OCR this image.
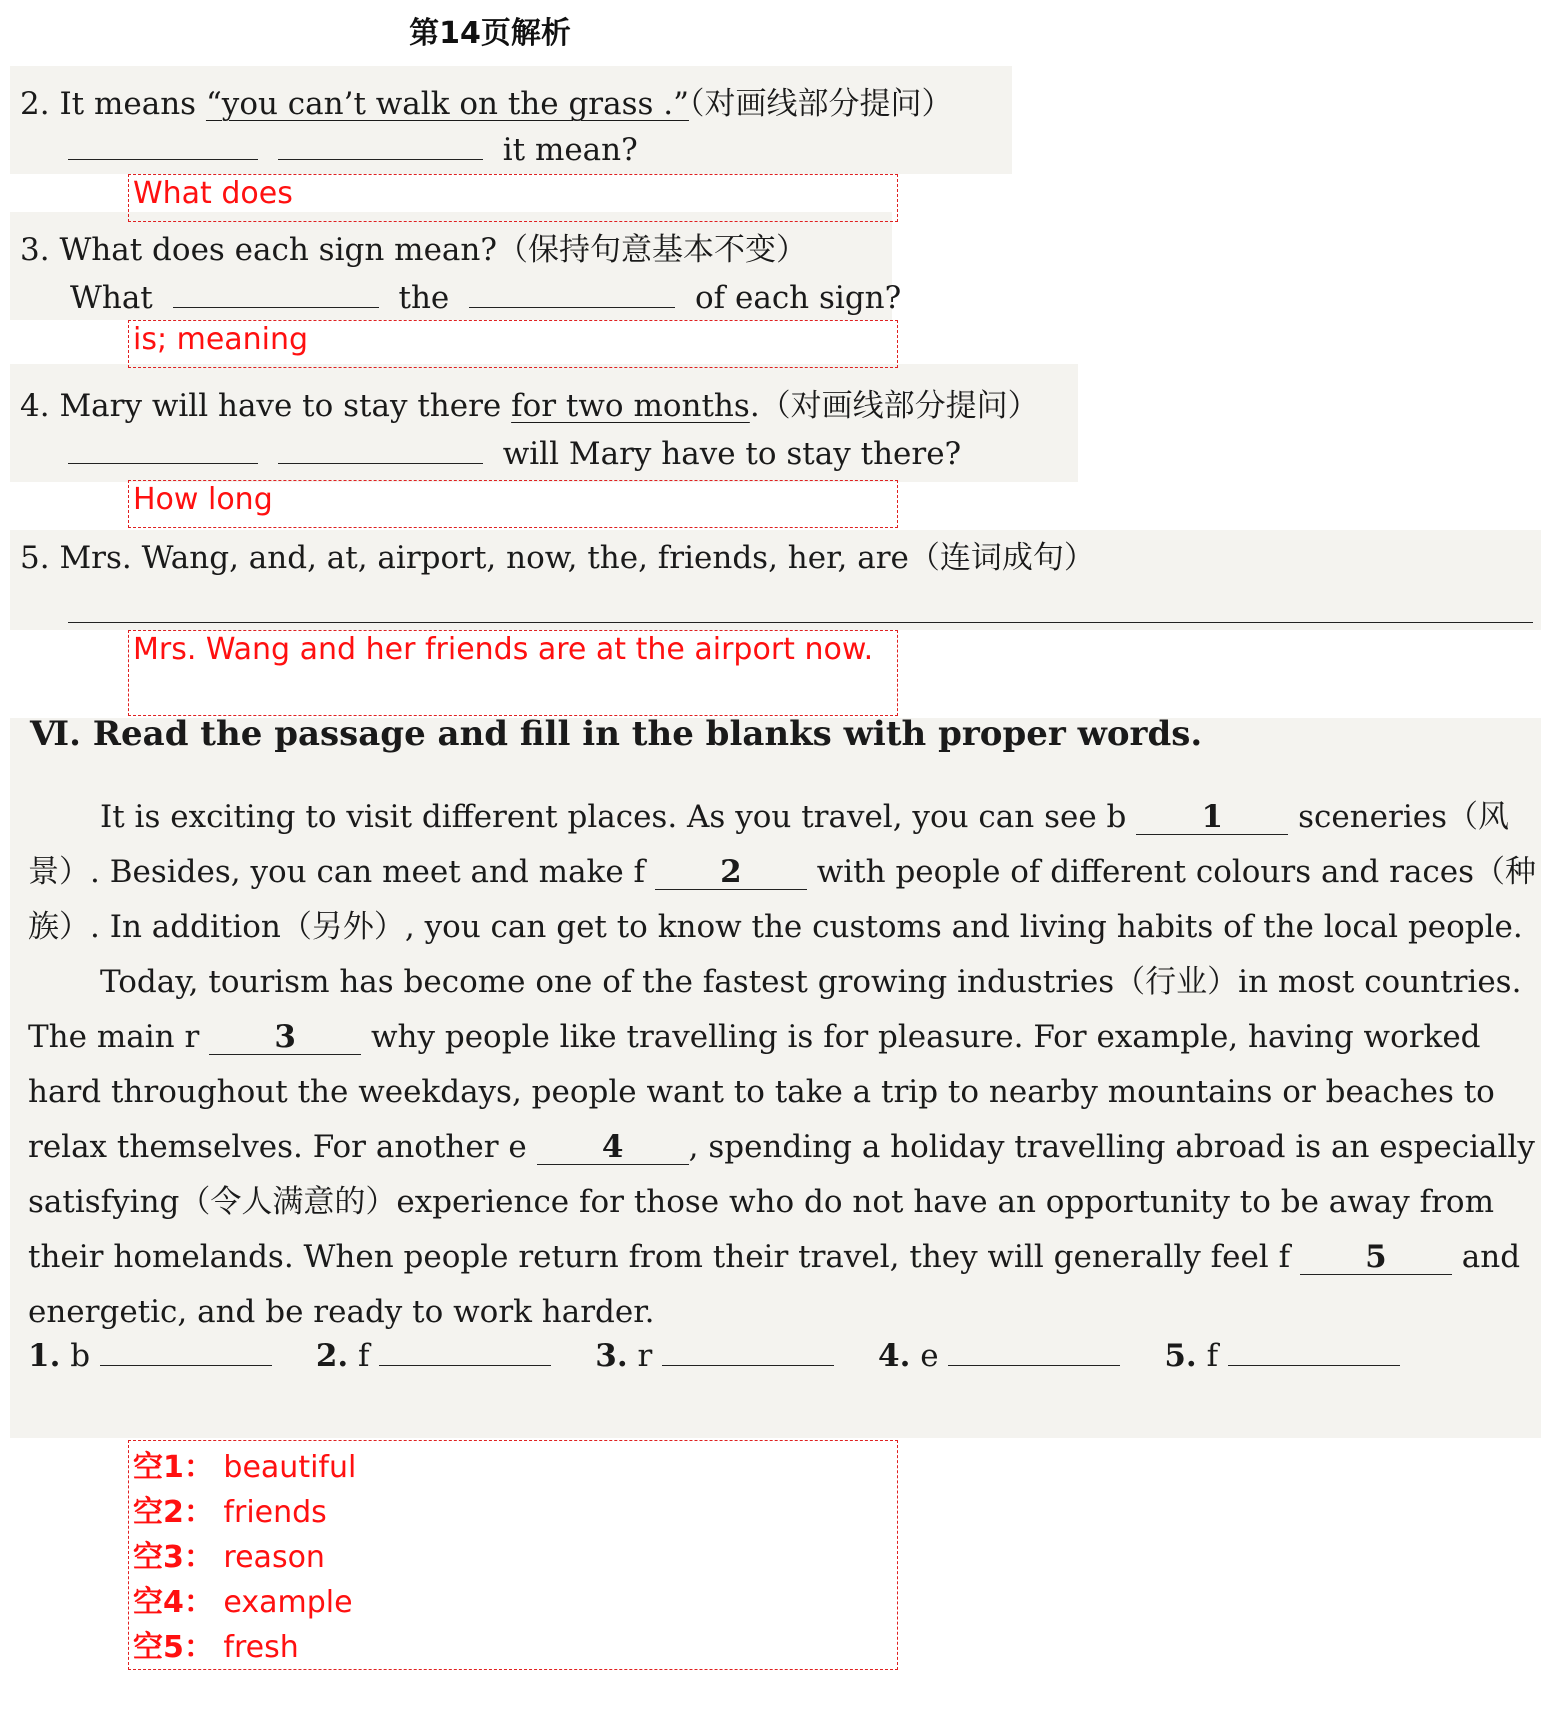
第14页解析
2. It means “you can’t walk on the grass .”（对画线部分提问）
it mean?
What does
3. What does each sign mean?（保持句意基本不变）
What	the	of each sign?
is; meaning
4. Mary will have to stay there for two months.（对画线部分提问）
will Mary have to stay there?
How long
5. Mrs. Wang, and, at, airport, now, the, friends, her, are（连词成句）
Mrs. Wang and her friends are at the airport now.
Ⅵ. Read the passage and fill in the blanks with proper words.
It is exciting to visit different places. As you travel, you can see b 1 sceneries（风景）. Besides, you can meet and make f 2 with people of different colours and races（种族）. In addition（另外）, you can get to know the customs and living habits of the local people.
Today, tourism has become one of the fastest growing industries（行业）in most countries. The main r 3 why people like travelling is for pleasure. For example, having worked hard throughout the weekdays, people want to take a trip to nearby mountains or beaches to relax themselves. For another e 4 , spending a holiday travelling abroad is an especially satisfying（令人满意的）experience for those who do not have an opportunity to be away from their homelands. When people return from their travel, they will generally feel f 5 and energetic, and be ready to work harder.
1. b	2. f	3. r	4. e	5. f
空1： beautiful
空2： friends
空3： reason
空4： example
空5： fresh
